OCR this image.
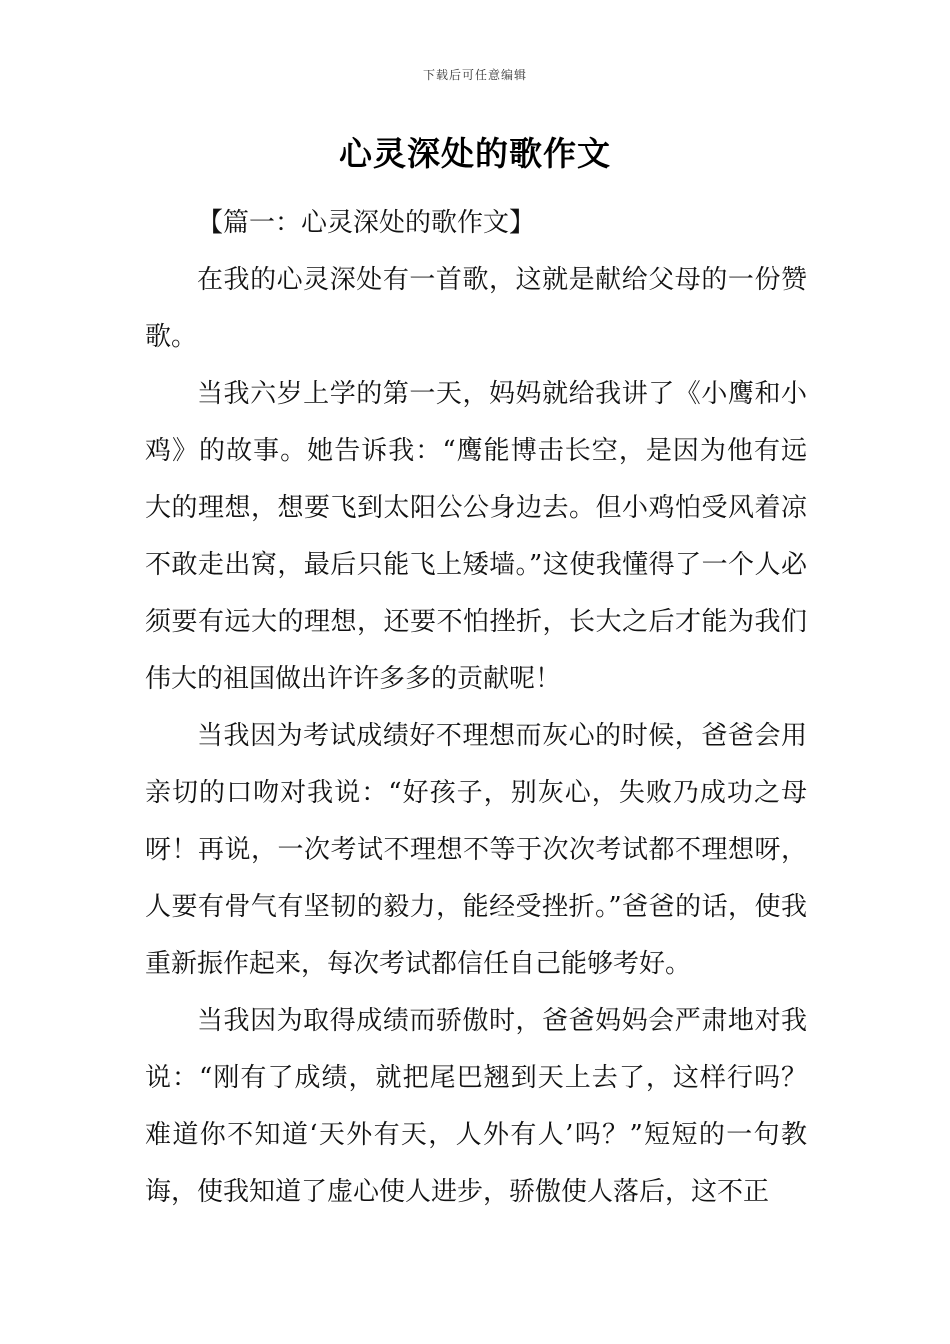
下载后可任意编辑
心灵深处的歌作文

【篇一：心灵深处的歌作文】

在我的心灵深处有一首歌，这就是献给父母的一份赞歌。

当我六岁上学的第一天，妈妈就给我讲了《小鹰和小鸡》的故事。她告诉我：“鹰能博击长空，是因为他有远大的理想，想要飞到太阳公公身边去。但小鸡怕受风着凉不敢走出窝，最后只能飞上矮墙。”这使我懂得了一个人必须要有远大的理想，还要不怕挫折，长大之后才能为我们伟大的祖国做出许许多多的贡献呢！

当我因为考试成绩好不理想而灰心的时候，爸爸会用亲切的口吻对我说：“好孩子，别灰心，失败乃成功之母呀！再说，一次考试不理想不等于次次考试都不理想呀，人要有骨气有坚韧的毅力，能经受挫折。”爸爸的话，使我重新振作起来，每次考试都信任自己能够考好。

当我因为取得成绩而骄傲时，爸爸妈妈会严肃地对我说：“刚有了成绩，就把尾巴翘到天上去了，这样行吗？难道你不知道‘天外有天，人外有人’吗？”短短的一句教诲，使我知道了虚心使人进步，骄傲使人落后，这不正
